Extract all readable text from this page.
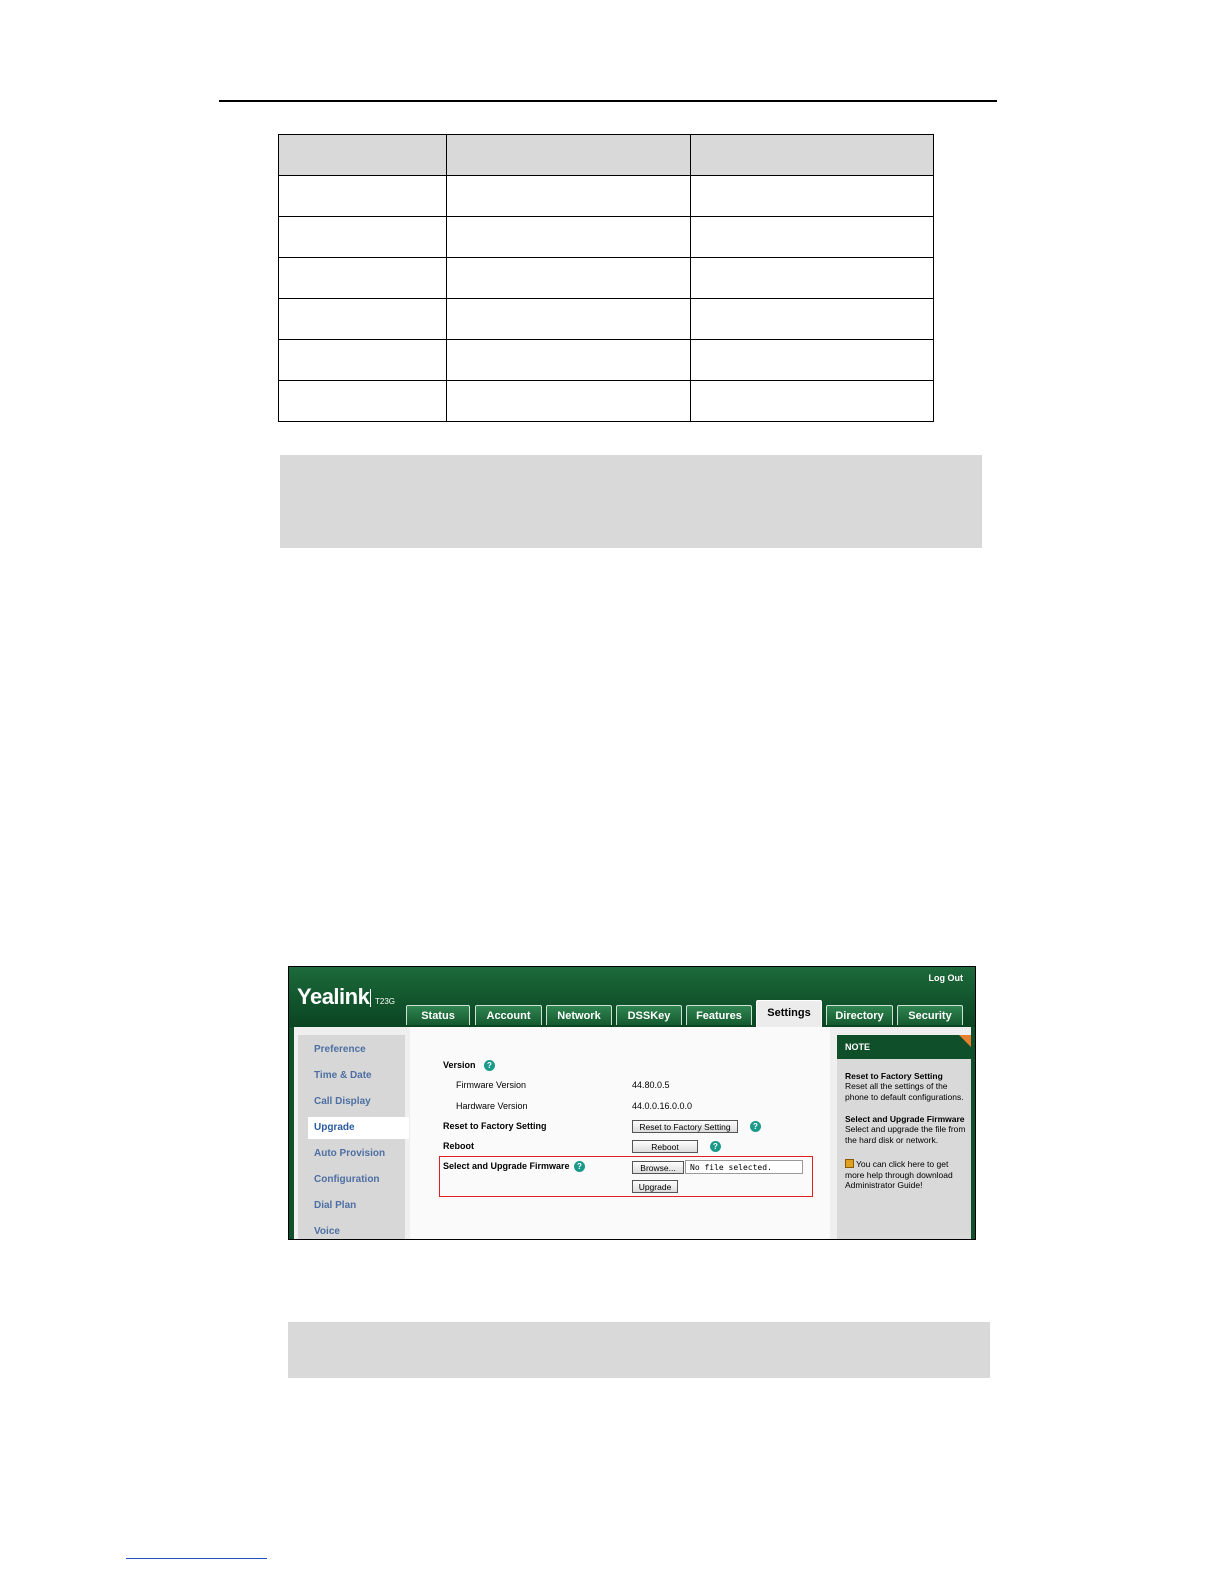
Yealink T23G
Log Out
Status	Account	Network	DSSKey	Features	Settings	Directory	Security
Preference
Time & Date
Call Display
Upgrade
Auto Provision
Configuration
Dial Plan
Voice
Version	?
Firmware Version	44.80.0.5
Hardware Version	44.0.0.16.0.0.0
Reset to Factory Setting	Reset to Factory Setting	?
Reboot	Reboot	?
Select and Upgrade Firmware ?	Browse...	No file selected.
Upgrade
NOTE
Reset to Factory Setting
Reset all the settings of the phone to default configurations.
Select and Upgrade Firmware
Select and upgrade the file from the hard disk or network.
You can click here to get more help through download Administrator Guide!
